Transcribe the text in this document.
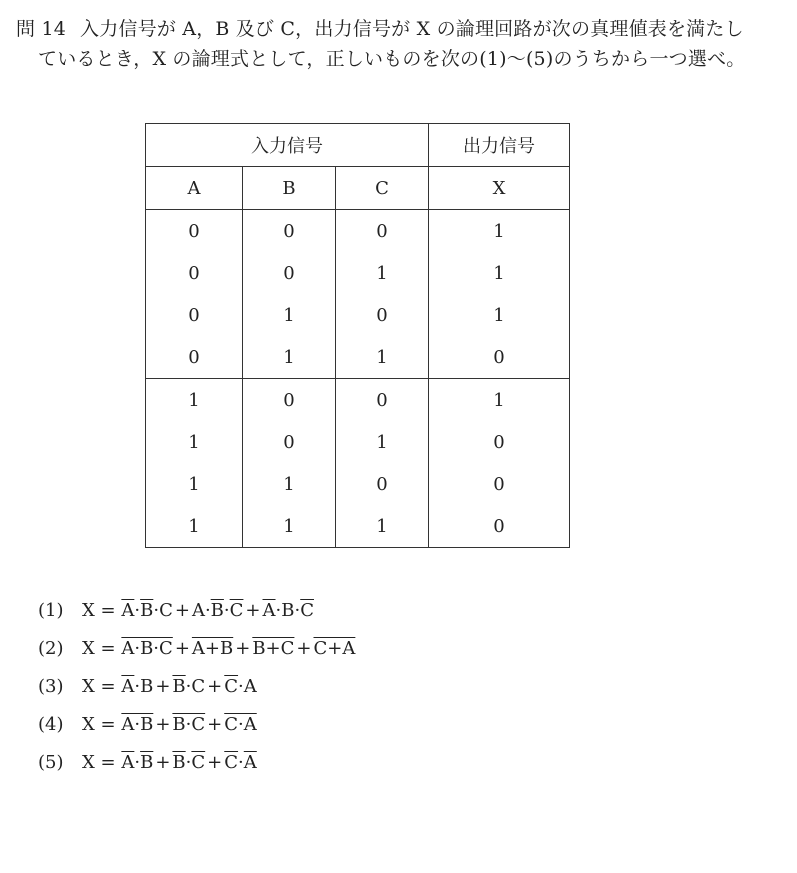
問 14 入力信号が A，B 及び C，出力信号が X の論理回路が次の真理値表を満たし
ているとき，X の論理式として，正しいものを次の(1)～(5)のうちから一つ選べ。
入力信号			出力信号
A	B	C	X
0	0	0	1
0	0	1	1
0	1	0	1
0	1	1	0
1	0	0	1
1	0	1	0
1	1	0	0
1	1	1	0
(1)	$X = \overline{A}\cdot\overline{B}\cdot C + A\cdot\overline{B}\cdot\overline{C} + \overline{A}\cdot B\cdot\overline{C}$
(2)	X = A·B·C + A+B + B+C + C+A
(3)	$X = \overline{A}\cdot B + \overline{B}\cdot C + \overline{C}\cdot A$
(4)	X = A·B + B·C + C·A
(5)	$X = \overline{A}\cdot\overline{B} + \overline{B}\cdot\overline{C} + \overline{C}\cdot\overline{A}$
